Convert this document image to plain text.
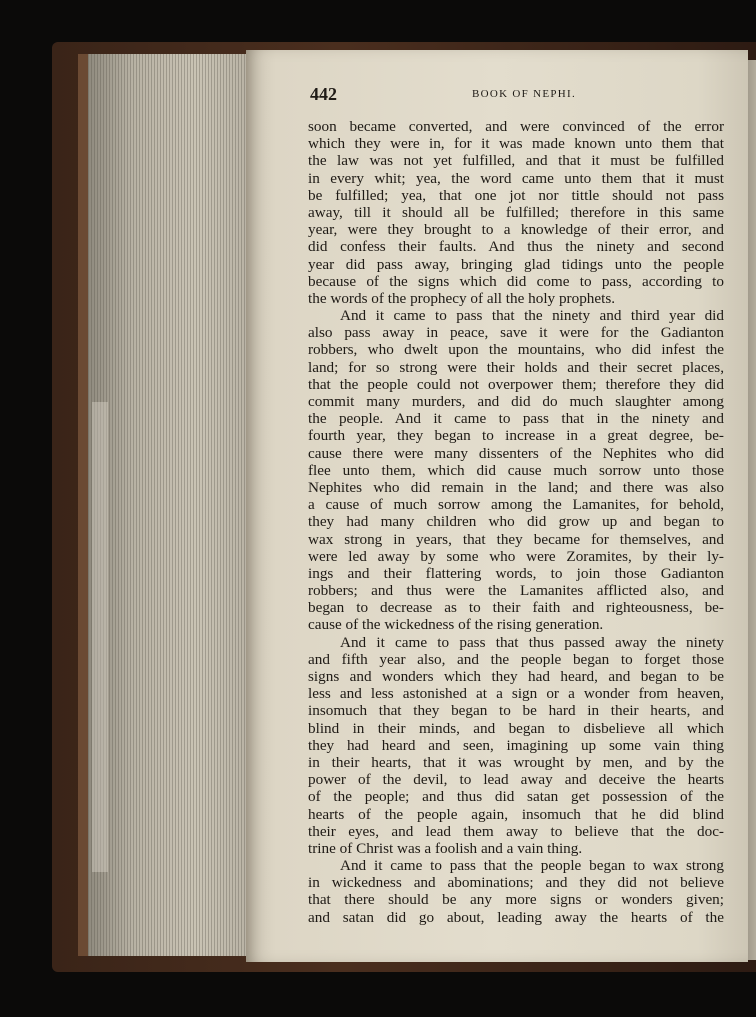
442	BOOK OF NEPHI.
soon became converted, and were convinced of the error
which they were in, for it was made known unto them that
the law was not yet fulfilled, and that it must be fulfilled
in every whit; yea, the word came unto them that it must
be fulfilled; yea, that one jot nor tittle should not pass
away, till it should all be fulfilled; therefore in this same
year, were they brought to a knowledge of their error, and
did confess their faults. And thus the ninety and second
year did pass away, bringing glad tidings unto the people
because of the signs which did come to pass, according to
the words of the prophecy of all the holy prophets.
And it came to pass that the ninety and third year did
also pass away in peace, save it were for the Gadianton
robbers, who dwelt upon the mountains, who did infest the
land; for so strong were their holds and their secret places,
that the people could not overpower them; therefore they did
commit many murders, and did do much slaughter among
the people. And it came to pass that in the ninety and
fourth year, they began to increase in a great degree, be-
cause there were many dissenters of the Nephites who did
flee unto them, which did cause much sorrow unto those
Nephites who did remain in the land; and there was also
a cause of much sorrow among the Lamanites, for behold,
they had many children who did grow up and began to
wax strong in years, that they became for themselves, and
were led away by some who were Zoramites, by their ly-
ings and their flattering words, to join those Gadianton
robbers; and thus were the Lamanites afflicted also, and
began to decrease as to their faith and righteousness, be-
cause of the wickedness of the rising generation.
And it came to pass that thus passed away the ninety
and fifth year also, and the people began to forget those
signs and wonders which they had heard, and began to be
less and less astonished at a sign or a wonder from heaven,
insomuch that they began to be hard in their hearts, and
blind in their minds, and began to disbelieve all which
they had heard and seen, imagining up some vain thing
in their hearts, that it was wrought by men, and by the
power of the devil, to lead away and deceive the hearts
of the people; and thus did satan get possession of the
hearts of the people again, insomuch that he did blind
their eyes, and lead them away to believe that the doc-
trine of Christ was a foolish and a vain thing.
And it came to pass that the people began to wax strong
in wickedness and abominations; and they did not believe
that there should be any more signs or wonders given;
and satan did go about, leading away the hearts of the
